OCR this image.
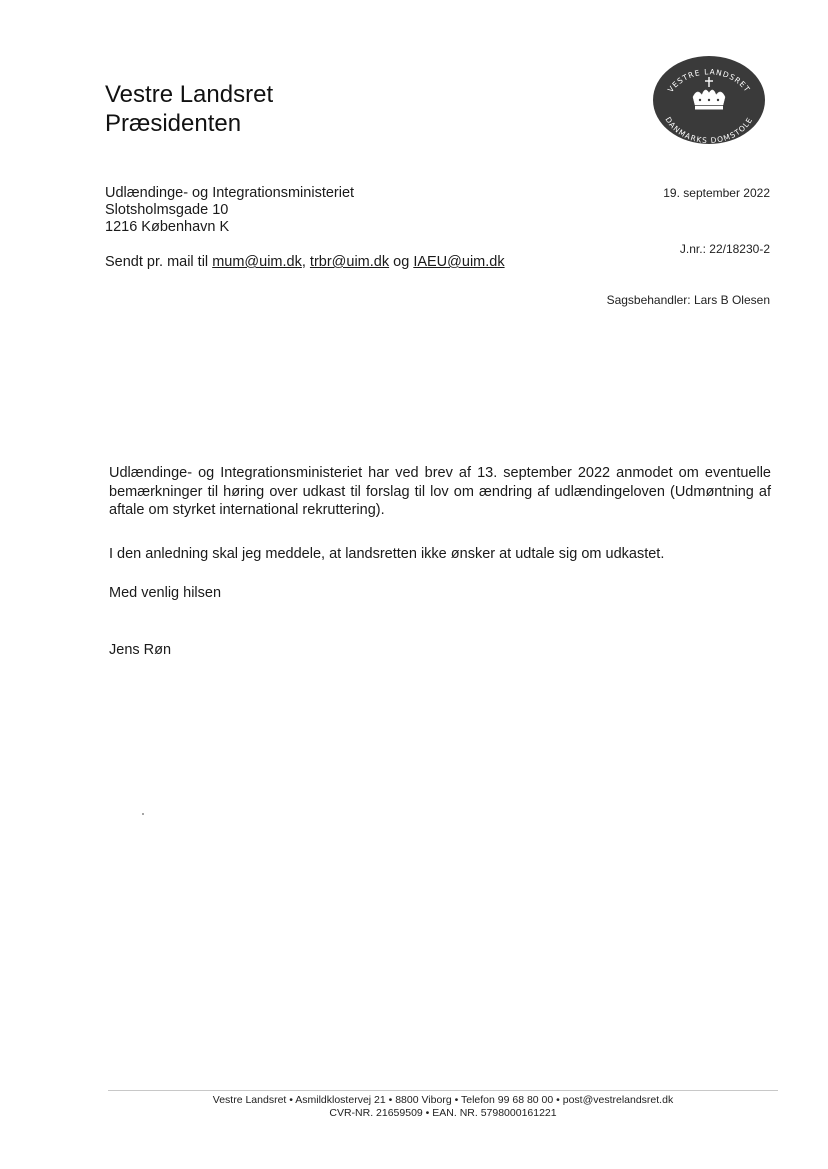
Vestre Landsret
Præsidenten
VESTRE LANDSRET
DANMARKS DOMSTOLE
Udlændinge- og Integrationsministeriet
Slotsholmsgade 10
1216 København K
Sendt pr. mail til mum@uim.dk, trbr@uim.dk og IAEU@uim.dk
19. september 2022
J.nr.: 22/18230-2
Sagsbehandler: Lars B Olesen
Udlændinge- og Integrationsministeriet har ved brev af 13. september 2022 anmodet om eventuelle bemærkninger til høring over udkast til forslag til lov om ændring af udlændingeloven (Udmøntning af aftale om styrket international rekruttering).
I den anledning skal jeg meddele, at landsretten ikke ønsker at udtale sig om udkastet.
Med venlig hilsen
Jens Røn
Vestre Landsret • Asmildklostervej 21 • 8800 Viborg • Telefon 99 68 80 00 • post@vestrelandsret.dk
CVR-NR. 21659509 • EAN. NR. 5798000161221
